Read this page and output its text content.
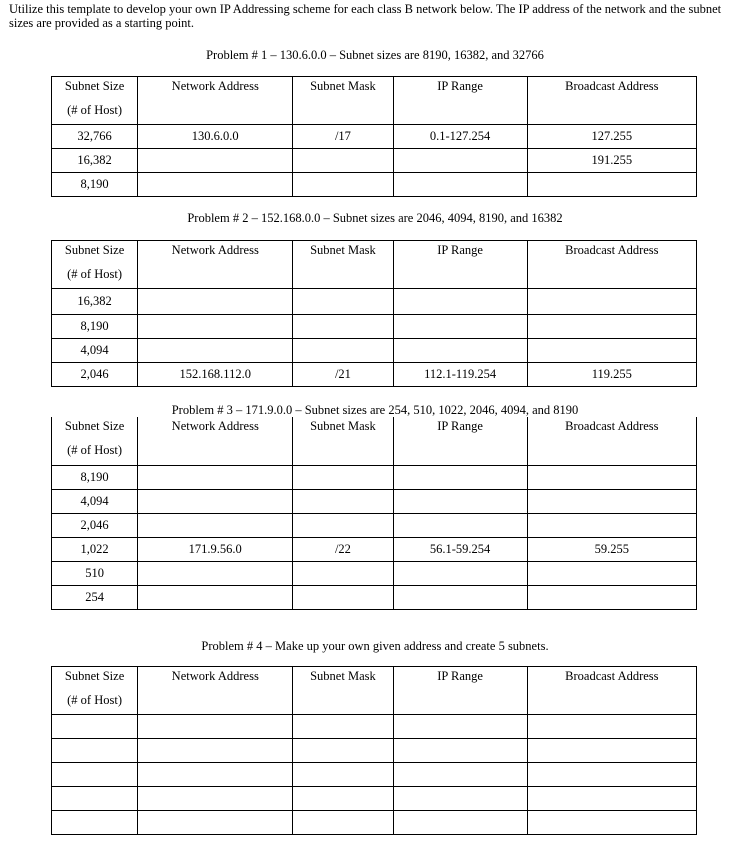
Utilize this template to develop your own IP Addressing scheme for each class B network below. The IP address of the network and the subnet sizes are provided as a starting point.
Problem # 1 – 130.6.0.0 – Subnet sizes are 8190, 16382, and 32766
Subnet Size
(# of Host)	Network Address	Subnet Mask	IP Range	Broadcast Address
32,766	130.6.0.0	/17	0.1-127.254	127.255
16,382				191.255
8,190				
Problem # 2 – 152.168.0.0 – Subnet sizes are 2046, 4094, 8190, and 16382
Subnet Size
(# of Host)	Network Address	Subnet Mask	IP Range	Broadcast Address
16,382				
8,190				
4,094				
2,046	152.168.112.0	/21	112.1-119.254	119.255
Problem # 3 – 171.9.0.0 – Subnet sizes are 254, 510, 1022, 2046, 4094, and 8190
Subnet Size
(# of Host)	Network Address	Subnet Mask	IP Range	Broadcast Address
8,190				
4,094				
2,046				
1,022	171.9.56.0	/22	56.1-59.254	59.255
510				
254				
Problem # 4 – Make up your own given address and create 5 subnets.
Subnet Size
(# of Host)	Network Address	Subnet Mask	IP Range	Broadcast Address
